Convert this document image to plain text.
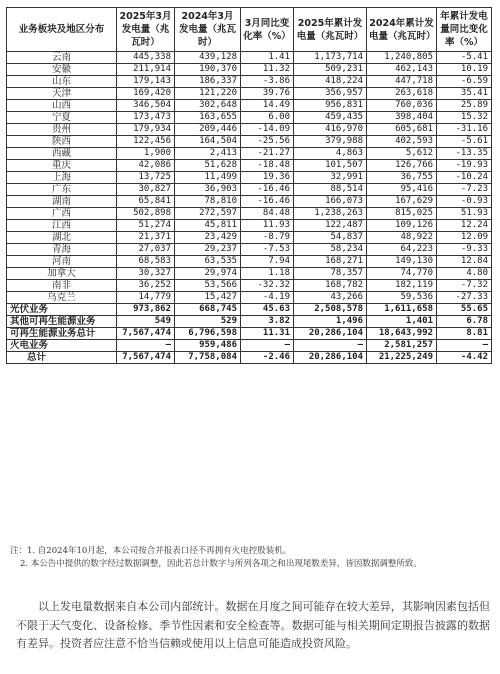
业务板块及地区分布	2025年3月发电量（兆瓦时）	2024年3月发电量（兆瓦时）	3月同比变化率（%）	2025年累计发电量（兆瓦时）	2024年累计发电量（兆瓦时）	年累计发电量同比变化率（%）
云南	445,338	439,128	1.41	1,173,714	1,240,805	-5.41
安徽	211,914	190,370	11.32	509,231	462,143	10.19
山东	179,143	186,337	-3.86	418,224	447,718	-6.59
天津	169,420	121,220	39.76	356,957	263,618	35.41
山西	346,504	302,648	14.49	956,831	760,036	25.89
宁夏	173,473	163,655	6.00	459,435	398,404	15.32
贵州	179,934	209,446	-14.09	416,970	605,681	-31.16
陕西	122,456	164,504	-25.56	379,988	402,593	-5.61
西藏	1,900	2,413	-21.27	4,863	5,612	-13.35
重庆	42,086	51,628	-18.48	101,507	126,766	-19.93
上海	13,725	11,499	19.36	32,991	36,755	-10.24
广东	30,827	36,903	-16.46	88,514	95,416	-7.23
湖南	65,841	78,810	-16.46	166,073	167,629	-0.93
广西	502,898	272,597	84.48	1,238,263	815,025	51.93
江西	51,274	45,811	11.93	122,487	109,126	12.24
湖北	21,371	23,429	-8.79	54,837	48,922	12.09
青海	27,037	29,237	-7.53	58,234	64,223	-9.33
河南	68,583	63,535	7.94	168,271	149,130	12.84
加拿大	30,327	29,974	1.18	78,357	74,770	4.80
南非	36,252	53,566	-32.32	168,782	182,119	-7.32
乌克兰	14,779	15,427	-4.19	43,266	59,536	-27.33
光伏业务	973,862	668,745	45.63	2,508,578	1,611,658	55.65
其他可再生能源业务	549	529	3.82	1,496	1,401	6.78
可再生能源业务总计	7,567,474	6,796,598	11.31	20,286,104	18,643,992	8.81
火电业务	–	959,486	–	–	2,581,257	–
总计	7,567,474	7,758,084	-2.46	20,286,104	21,225,249	-4.42

注：1. 自2024年10月起，本公司按合并报表口径不再拥有火电控股装机。

2. 本公告中提供的数字经过数据调整，因此若总计数字与所列各项之和出现尾数差异，皆因数据调整所致。

以上发电量数据来自本公司内部统计。数据在月度之间可能存在较大差异，其影响因素包括但不限于天气变化、设备检修、季节性因素和安全检查等。数据可能与相关期间定期报告披露的数据有差异。投资者应注意不恰当信赖或使用以上信息可能造成投资风险。
